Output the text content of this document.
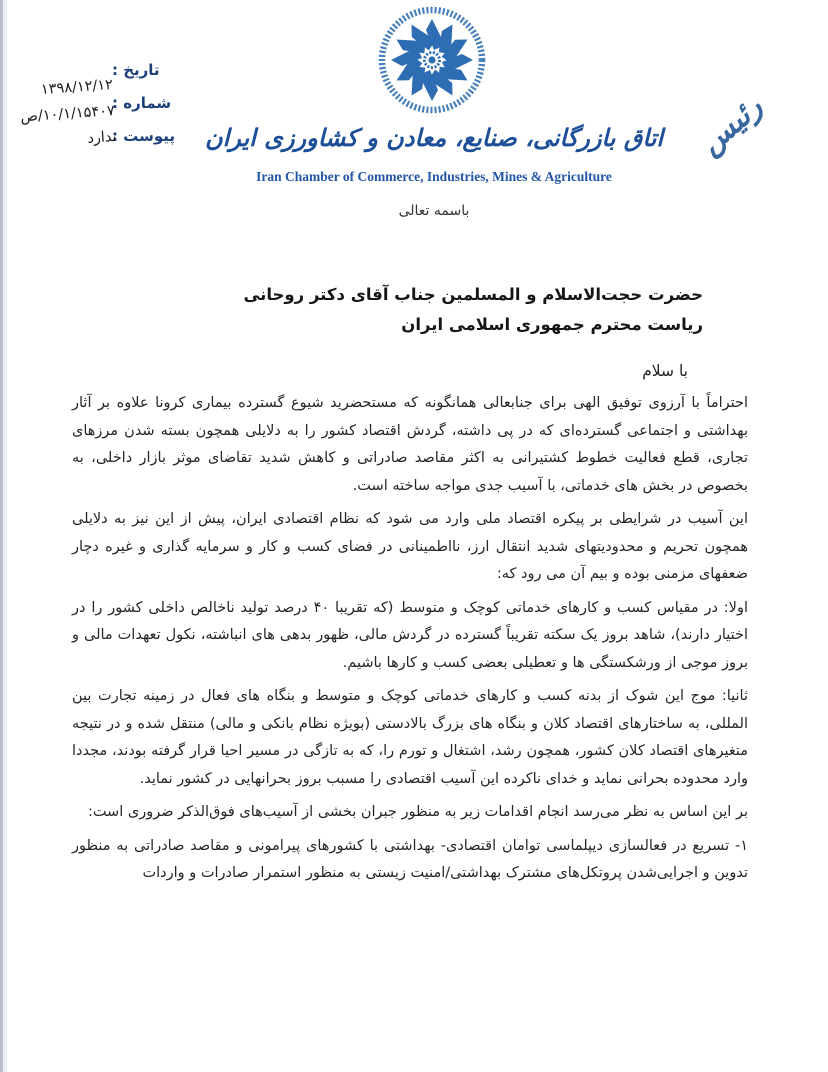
تاریخ :
شماره :
پیوست :
۱۳۹۸/۱۲/۱۲
۱۰/۱/۱۵۴۰۷/ص
ندارد	اتاق بازرگانی، صنایع، معادن و کشاورزی ایران
Iran Chamber of Commerce, Industries, Mines & Agriculture
باسمه تعالی
رئیس
حضرت حجت‌الاسلام و المسلمین جناب آقای دکتر روحانی
ریاست محترم جمهوری اسلامی ایران
با سلام

احتراماً با آرزوی توفیق الهی برای جنابعالی همانگونه که مستحضرید شیوع گسترده بیماری کرونا علاوه بر آثار بهداشتی و اجتماعی گسترده‌ای که در پی داشته، گردش اقتصاد کشور را به دلایلی همچون بسته شدن مرزهای تجاری، قطع فعالیت خطوط کشتیرانی به اکثر مقاصد صادراتی و کاهش شدید تقاضای موثر بازار داخلی، به بخصوص در بخش های خدماتی، با آسیب جدی مواجه ساخته است.

این آسیب در شرایطی بر پیکره اقتصاد ملی وارد می شود که نظام اقتصادی ایران، پیش از این نیز به دلایلی همچون تحریم و محدودیتهای شدید انتقال ارز، نااطمینانی در فضای کسب و کار و سرمایه گذاری و غیره دچار ضعفهای مزمنی بوده و بیم آن می رود که:

اولا: در مقیاس کسب و کارهای خدماتی کوچک و متوسط (که تقریبا ۴۰ درصد تولید ناخالص داخلی کشور را در اختیار دارند)، شاهد بروز یک سکته تقریباً گسترده در گردش مالی، ظهور بدهی های انباشته، نکول تعهدات مالی و بروز موجی از ورشکستگی ها و تعطیلی بعضی کسب و کارها باشیم.

ثانیا: موج این شوک از بدنه کسب و کارهای خدماتی کوچک و متوسط و بنگاه های فعال در زمینه تجارت بین المللی، به ساختارهای اقتصاد کلان و بنگاه های بزرگ بالادستی (بویژه نظام بانکی و مالی) منتقل شده و در نتیجه متغیرهای اقتصاد کلان کشور، همچون رشد، اشتغال و تورم را، که به تازگی در مسیر احیا قرار گرفته بودند، مجددا وارد محدوده بحرانی نماید و خدای ناکرده این آسیب اقتصادی را مسبب بروز بحرانهایی در کشور نماید.

بر این اساس به نظر می‌رسد انجام اقدامات زیر به منظور جبران بخشی از آسیب‌های فوق‌الذکر ضروری است:

۱- تسریع در فعالسازی دیپلماسی توامان اقتصادی- بهداشتی با کشورهای پیرامونی و مقاصد صادراتی به منظور تدوین و اجرایی‌شدن پروتکل‌های مشترک بهداشتی/امنیت زیستی به منظور استمرار صادرات و واردات
